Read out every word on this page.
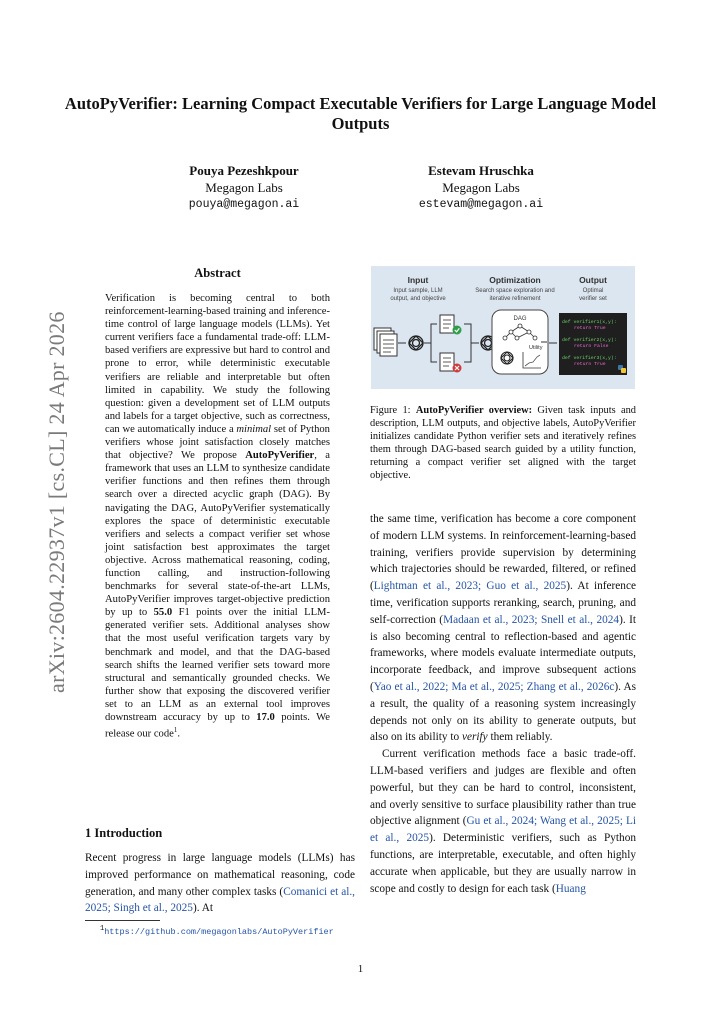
AutoPyVerifier: Learning Compact Executable Verifiers for Large Language Model Outputs
Pouya Pezeshkpour
Megagon Labs
pouya@megagon.ai
Estevam Hruschka
Megagon Labs
estevam@megagon.ai
arXiv:2604.22937v1 [cs.CL] 24 Apr 2026
Abstract
Verification is becoming central to both reinforcement-learning-based training and inference-time control of large language models (LLMs). Yet current verifiers face a fundamental trade-off: LLM-based verifiers are expressive but hard to control and prone to error, while deterministic executable verifiers are reliable and interpretable but often limited in capability. We study the following question: given a development set of LLM outputs and labels for a target objective, such as correctness, can we automatically induce a minimal set of Python verifiers whose joint satisfaction closely matches that objective? We propose AutoPyVerifier, a framework that uses an LLM to synthesize candidate verifier functions and then refines them through search over a directed acyclic graph (DAG). By navigating the DAG, AutoPyVerifier systematically explores the space of deterministic executable verifiers and selects a compact verifier set whose joint satisfaction best approximates the target objective. Across mathematical reasoning, coding, function calling, and instruction-following benchmarks for several state-of-the-art LLMs, AutoPyVerifier improves target-objective prediction by up to 55.0 F1 points over the initial LLM-generated verifier sets. Additional analyses show that the most useful verification targets vary by benchmark and model, and that the DAG-based search shifts the learned verifier sets toward more structural and semantically grounded checks. We further show that exposing the discovered verifier set to an LLM as an external tool improves downstream accuracy by up to 17.0 points. We release our code$^1$.
1 Introduction
Recent progress in large language models (LLMs) has improved performance on mathematical reasoning, code generation, and many other complex tasks (Comanici et al., 2025; Singh et al., 2025). At
$^1$https://github.com/megagonlabs/AutoPyVerifier
Input
Input sample, LLM
output, and objective
Optimization
Search space exploration and
iterative refinement
Output
Optimal
verifier set
DAG
Utility
def verifier1(x,y):
return True
def verifier2(x,y):
return False
def verifier3(x,y):
return True
Figure 1: AutoPyVerifier overview: Given task inputs and description, LLM outputs, and objective labels, AutoPyVerifier initializes candidate Python verifier sets and iteratively refines them through DAG-based search guided by a utility function, returning a compact verifier set aligned with the target objective.

the same time, verification has become a core component of modern LLM systems. In reinforcement-learning-based training, verifiers provide supervision by determining which trajectories should be rewarded, filtered, or refined (Lightman et al., 2023; Guo et al., 2025). At inference time, verification supports reranking, search, pruning, and self-correction (Madaan et al., 2023; Snell et al., 2024). It is also becoming central to reflection-based and agentic frameworks, where models evaluate intermediate outputs, incorporate feedback, and improve subsequent actions (Yao et al., 2022; Ma et al., 2025; Zhang et al., 2026c). As a result, the quality of a reasoning system increasingly depends not only on its ability to generate outputs, but also on its ability to verify them reliably.

Current verification methods face a basic trade-off. LLM-based verifiers and judges are flexible and often powerful, but they can be hard to control, inconsistent, and overly sensitive to surface plausibility rather than true objective alignment (Gu et al., 2024; Wang et al., 2025; Li et al., 2025). Deterministic verifiers, such as Python functions, are interpretable, executable, and often highly accurate when applicable, but they are usually narrow in scope and costly to design for each task (Huang

1
